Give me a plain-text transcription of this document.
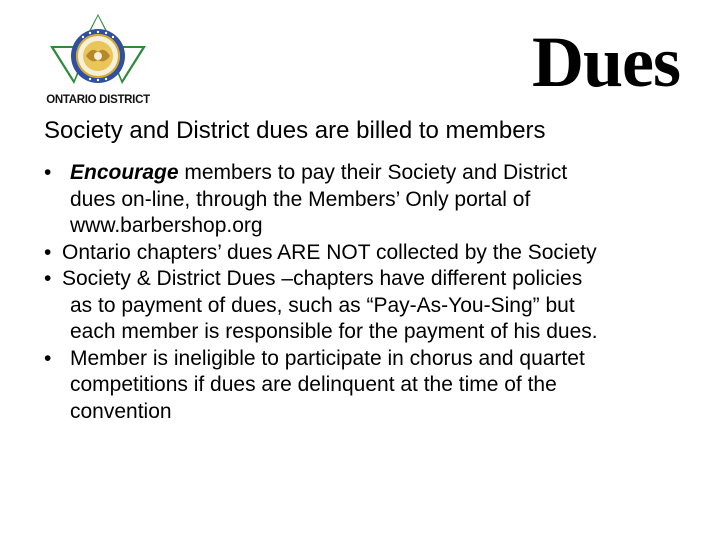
ONTARIO DISTRICT	Dues
Society and District dues are billed to members
• Encourage members to pay their Society and District
dues on-line, through the Members’ Only portal of
www.barbershop.org
• Ontario chapters’ dues ARE NOT collected by the Society
• Society & District Dues –chapters have different policies
as to payment of dues, such as “Pay-As-You-Sing” but
each member is responsible for the payment of his dues.
• Member is ineligible to participate in chorus and quartet
competitions if dues are delinquent at the time of the
convention
